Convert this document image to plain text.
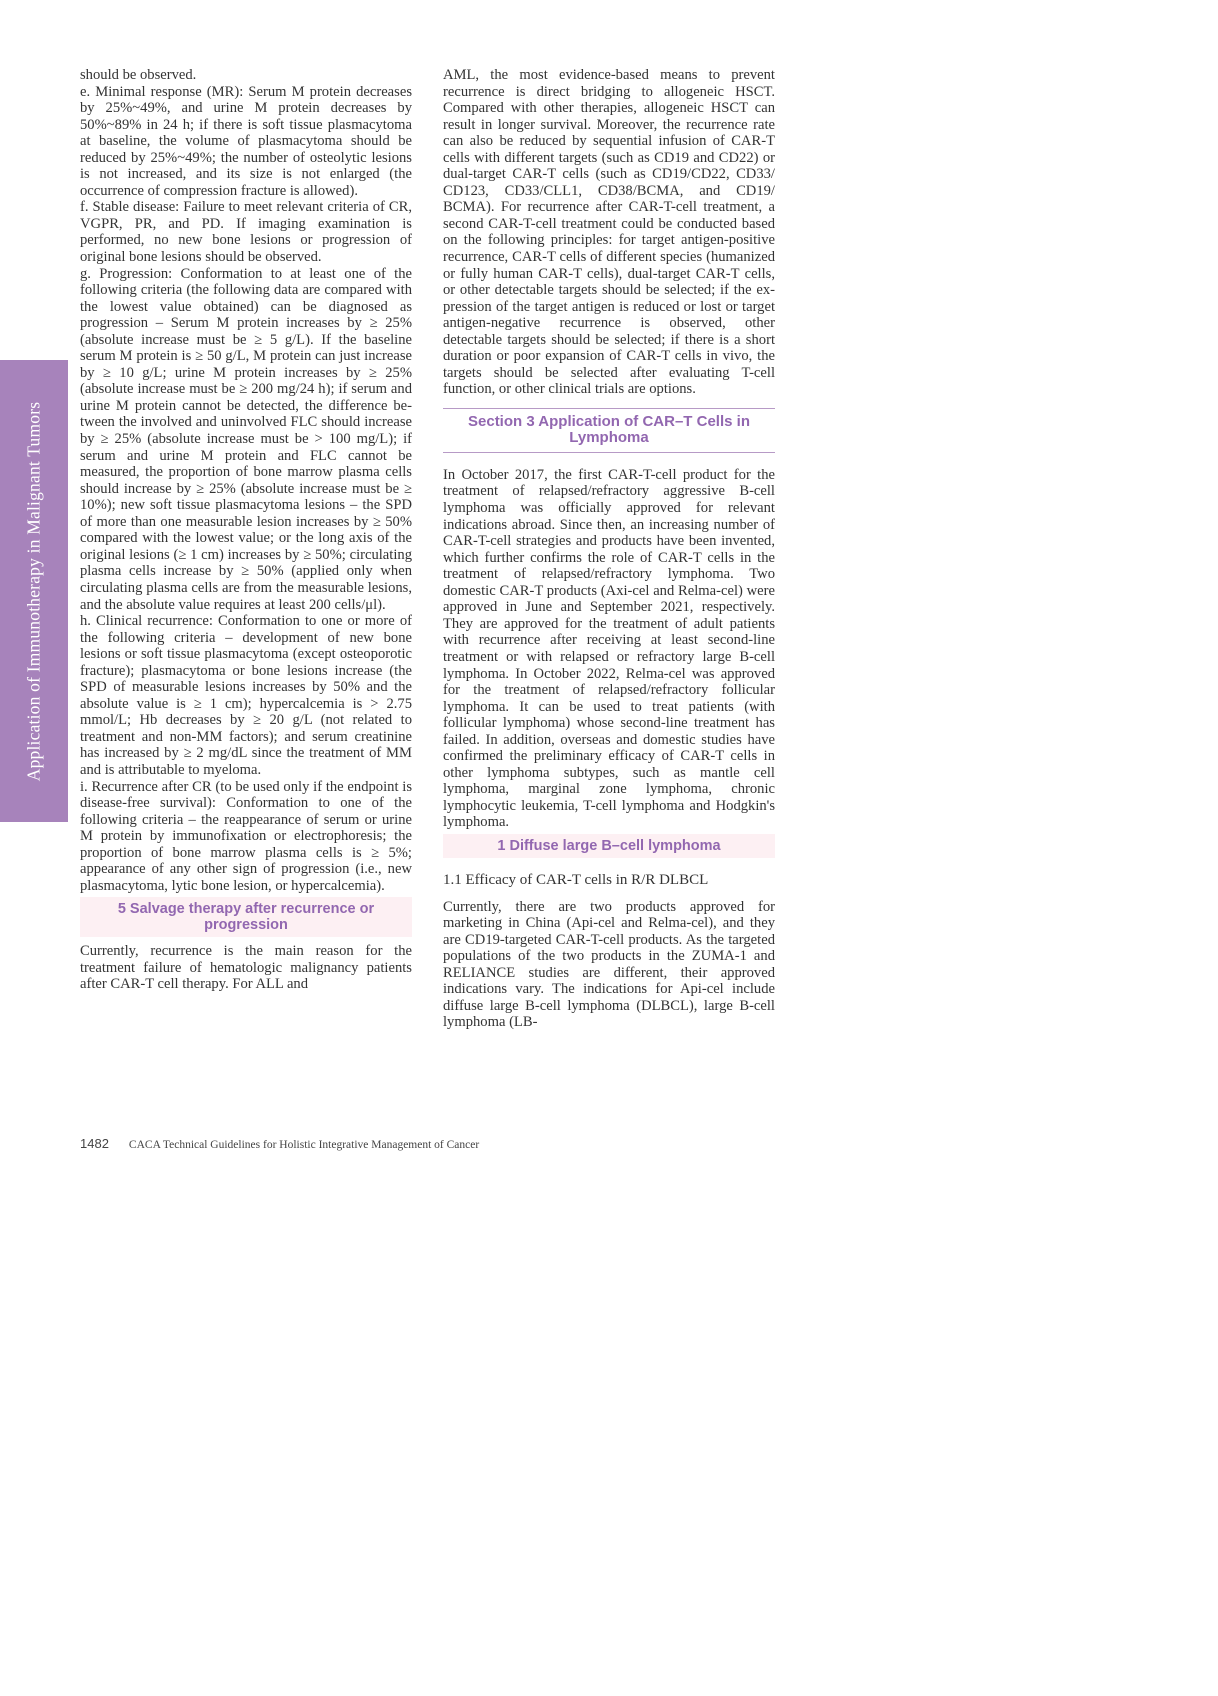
Application of Immunotherapy in Malignant Tumors

should be observed.

e. Minimal response (MR): Serum M protein decreases by 25%~49%, and urine M protein decreases by 50%~89% in 24 h; if there is soft tissue plasmacytoma at baseline, the volume of plasmacytoma should be reduced by 25%~49%; the number of osteolytic lesions is not increased, and its size is not enlarged (the occurrence of compression fracture is allowed).

f. Stable disease: Failure to meet relevant criteria of CR, VGPR, PR, and PD. If imaging examination is performed, no new bone lesions or progression of original bone lesions should be observed.

g. Progression: Conformation to at least one of the following criteria (the following data are compared with the lowest value obtained) can be diagnosed as progression – Serum M protein increases by ≥ 25% (absolute increase must be ≥ 5 g/L). If the baseline serum M protein is ≥ 50 g/L, M protein can just increase by ≥ 10 g/L; urine M protein increases by ≥ 25% (absolute increase must be ≥ 200 mg/24 h); if serum and urine M protein cannot be detected, the difference between the involved and uninvolved FLC should increase by ≥ 25% (absolute increase must be > 100 mg/L); if serum and urine M protein and FLC cannot be measured, the proportion of bone marrow plasma cells should increase by ≥ 25% (absolute increase must be ≥ 10%); new soft tissue plasmacytoma lesions – the SPD of more than one measurable lesion increases by ≥ 50% compared with the lowest value; or the long axis of the original lesions (≥ 1 cm) increases by ≥ 50%; circulating plasma cells increase by ≥ 50% (applied only when circulating plasma cells are from the measurable lesions, and the absolute value requires at least 200 cells/μl).

h. Clinical recurrence: Conformation to one or more of the following criteria – development of new bone lesions or soft tissue plasmacytoma (except osteoporotic fracture); plasmacytoma or bone lesions increase (the SPD of measurable lesions increases by 50% and the absolute value is ≥ 1 cm); hypercalcemia is > 2.75 mmol/L; Hb decreases by ≥ 20 g/L (not related to treatment and non-MM factors); and serum creatinine has increased by ≥ 2 mg/dL since the treatment of MM and is attributable to myeloma.

i. Recurrence after CR (to be used only if the endpoint is disease-free survival): Conformation to one of the following criteria – the reappearance of serum or urine M protein by immunofixation or electrophoresis; the proportion of bone marrow plasma cells is ≥ 5%; appearance of any other sign of progression (i.e., new plasmacytoma, lytic bone lesion, or hypercalcemia).

5 Salvage therapy after recurrence or progression

Currently, recurrence is the main reason for the treatment failure of hematologic malignancy patients after CAR-T cell therapy. For ALL and

AML, the most evidence-based means to prevent recurrence is direct bridging to allogeneic HSCT. Compared with other therapies, allogeneic HSCT can result in longer survival. Moreover, the recurrence rate can also be reduced by sequential infusion of CAR-T cells with different targets (such as CD19 and CD22) or dual-target CAR-T cells (such as CD19/CD22, CD33/ CD123, CD33/CLL1, CD38/BCMA, and CD19/ BCMA). For recurrence after CAR-T-cell treatment, a second CAR-T-cell treatment could be conducted based on the following principles: for target antigen-positive recurrence, CAR-T cells of different species (humanized or fully human CAR-T cells), dual-target CAR-T cells, or other detectable targets should be selected; if the expression of the target antigen is reduced or lost or target antigen-negative recurrence is observed, other detectable targets should be selected; if there is a short duration or poor expansion of CAR-T cells in vivo, the targets should be selected after evaluating T-cell function, or other clinical trials are options.

Section 3 Application of CAR–T Cells in Lymphoma

In October 2017, the first CAR-T-cell product for the treatment of relapsed/refractory aggressive B-cell lymphoma was officially approved for relevant indications abroad. Since then, an increasing number of CAR-T-cell strategies and products have been invented, which further confirms the role of CAR-T cells in the treatment of relapsed/refractory lymphoma. Two domestic CAR-T products (Axi-cel and Relma-cel) were approved in June and September 2021, respectively. They are approved for the treatment of adult patients with recurrence after receiving at least second-line treatment or with relapsed or refractory large B-cell lymphoma. In October 2022, Relma-cel was approved for the treatment of relapsed/refractory follicular lymphoma. It can be used to treat patients (with follicular lymphoma) whose second-line treatment has failed. In addition, overseas and domestic studies have confirmed the preliminary efficacy of CAR-T cells in other lymphoma subtypes, such as mantle cell lymphoma, marginal zone lymphoma, chronic lymphocytic leukemia, T-cell lymphoma and Hodgkin's lymphoma.

1 Diffuse large B–cell lymphoma
1.1 Efficacy of CAR-T cells in R/R DLBCL

Currently, there are two products approved for marketing in China (Api-cel and Relma-cel), and they are CD19-targeted CAR-T-cell products. As the targeted populations of the two products in the ZUMA-1 and RELIANCE studies are different, their approved indications vary. The indications for Api-cel include diffuse large B-cell lymphoma (DLBCL), large B-cell lymphoma (LB-

1482 CACA Technical Guidelines for Holistic Integrative Management of Cancer
